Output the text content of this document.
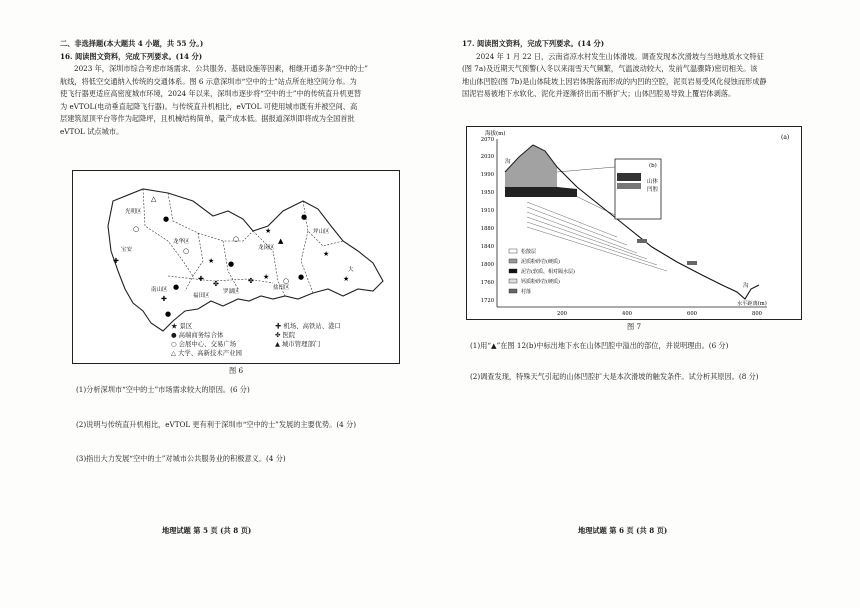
二、非选择题(本大题共 4 小题，共 55 分。)
16. 阅读图文资料，完成下列要求。(14 分)
2023 年，深圳市综合考虑市场需求、公共服务、基础设施等因素，相继开通多条“空中的士”
航线，将低空交通纳入传统的交通体系。图 6 示意深圳市“空中的士”站点所在地空间分布。为
使飞行器更适应高密度城市环境，2024 年以来，深圳市逐步将“空中的士”中的传统直升机更替
为 eVTOL(电动垂直起降飞行器)。与传统直升机相比，eVTOL 可使用城市既有并被空间、高
层建筑屋顶平台等作为起降坪，且机械结构简单，量产成本低。据报道深圳即将成为全国首批
eVTOL 试点城市。
光明区
宝安
龙华区
龙岗区
坪山区
大
南山区
福田区
罗湖区
盐田区
△
●
○
✚
○
★ ●
○
★
▲
●
★
●
✤
✤
✚
●
✚
●
○
★	★
★ 景区
● 高端商务综合体
○ 会展中心、交易广场
△ 大学、高新技术产业园
✚ 机场、高铁站、港口
✤ 医院
▲ 城市管理部门
图 6
(1)分析深圳市“空中的士”市场需求较大的原因。(6 分)
(2)说明与传统直升机相比，eVTOL 更有利于深圳市“空中的士”发展的主要优势。(4 分)
(3)指出大力发展“空中的士”对城市公共服务业的积极意义。(4 分)
地理试题 第 5 页 (共 8 页)
17. 阅读图文资料，完成下列要求。(14 分)
2024 年 1 月 22 日，云南省凉水村发生山体滑坡。调查发现本次滑坡与当地地质水文特征
(图 7a)及近期天气预警(入冬以来雨雪天气频繁，气温波动较大，发前气温骤降)密切相关。该
地山体凹腔(图 7b)是山体陡坡上因岩体脱落而形成的内凹的空腔，泥页岩易受风化侵蚀而形成静
国泥岩易被地下水软化、泥化并逐渐挤出而不断扩大；山体凹腔易导致上覆岩体剥落。
海拔(m)	(a)
2070
2030
1990
1950
1910
1880
1840
1800
1760
1720
200	400	600	800
水平距离(m)
沟
沟
(b)
山体
凹腔
松散层
泥质粉砂岩(硬质)
泥岩(软质、相对隔水层)
钙质粉砂岩(硬质)
村落
图 7
(1)用“▲”在图 12(b)中标出地下水在山体凹腔中溢出的部位，并说明理由。(6 分)
(2)调查发现，特殊天气引起的山体凹腔扩大是本次滑坡的触发条件。试分析其原因。(8 分)
地理试题 第 6 页 (共 8 页)
